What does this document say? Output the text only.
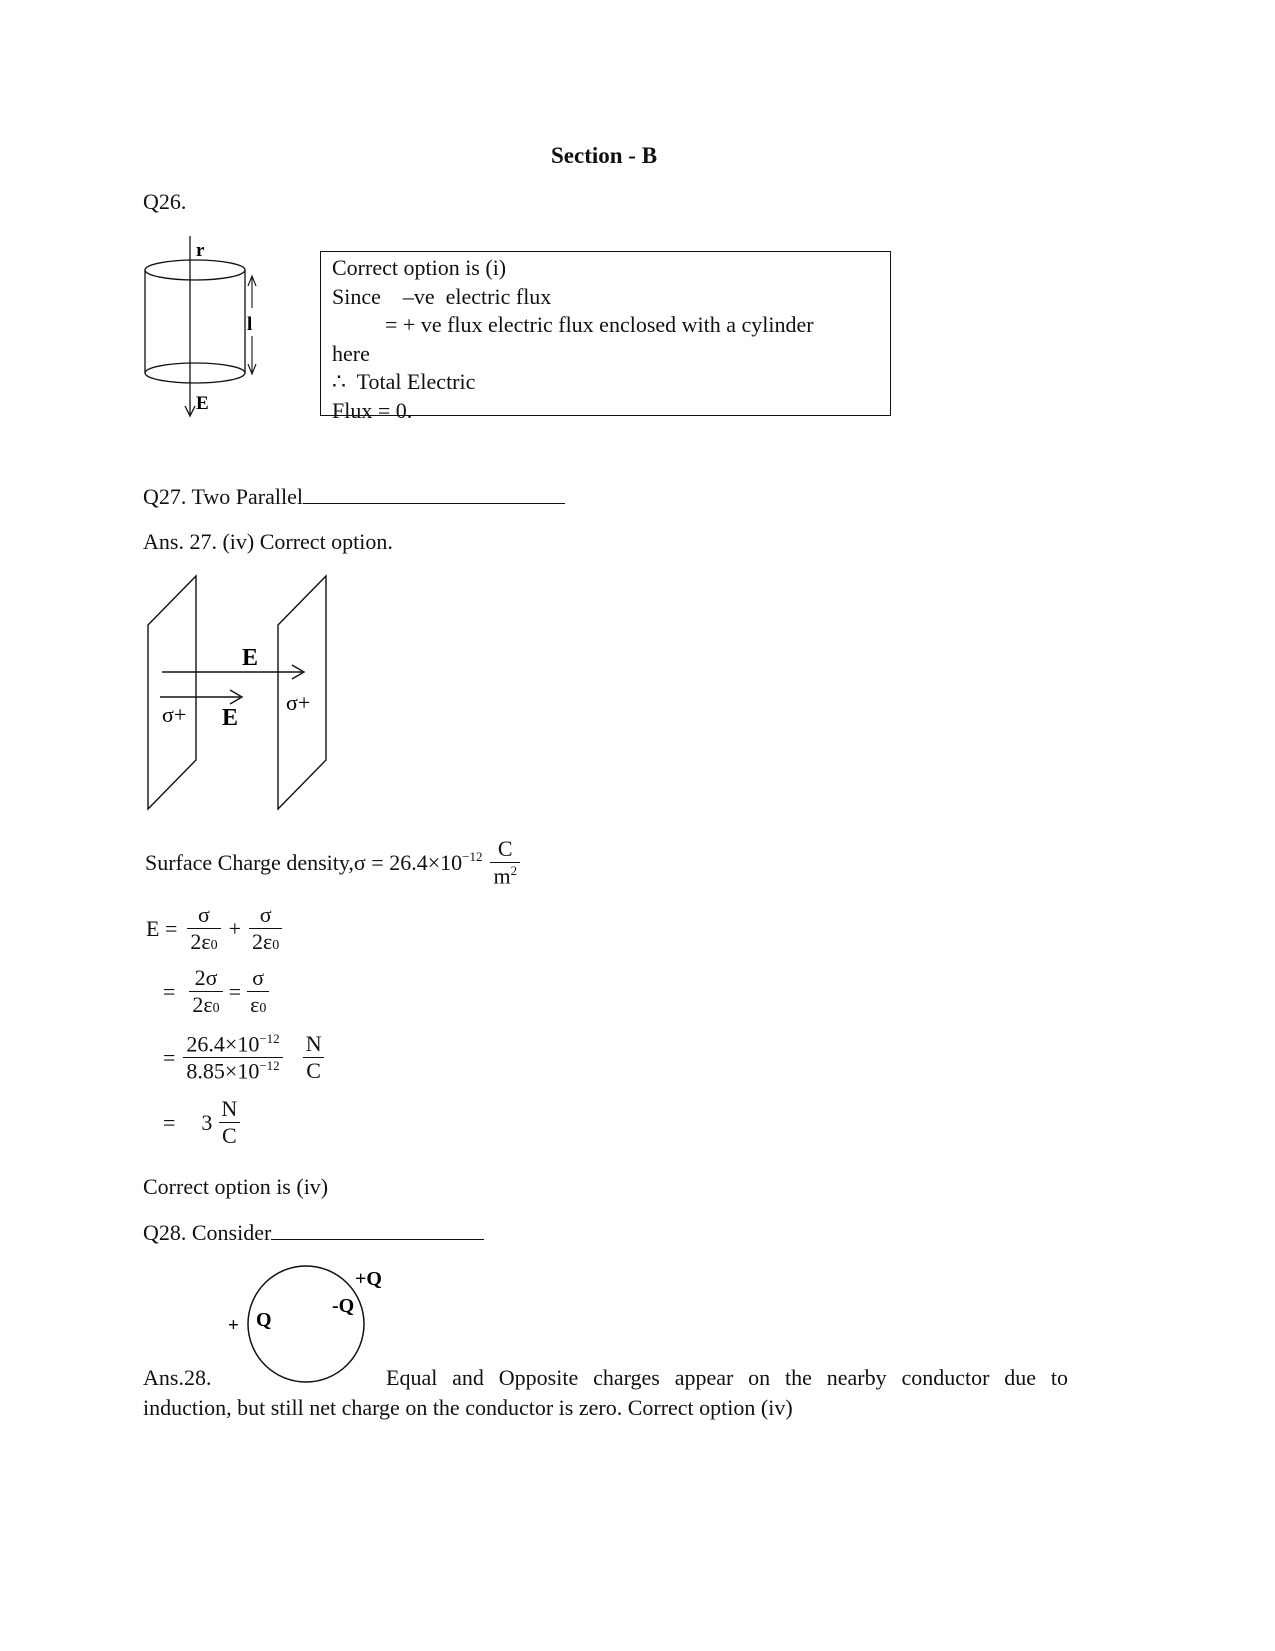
Section - B
Q26.
r
l
E
Correct option is (i)
Since    –ve  electric flux
= + ve flux electric flux enclosed with a cylinder
here
∴  Total Electric
Flux = 0.
Q27. Two Parallel
Ans. 27. (iv) Correct option.
E
E
σ+	σ+
Surface Charge density,σ = $26.4\times 10^{-12} \frac{C}{m^2}$
$E = \frac{\sigma}{2\varepsilon 0} + \frac{\sigma}{2\varepsilon 0}$
= $\frac{2\sigma}{2\varepsilon 0} = \frac{\sigma}{\varepsilon 0}$
= $\frac{26.4\times 10^{-12}}{8.85\times 10^{-12}} \frac{N}{C}$
= $3 \frac{N}{C}$
Correct option is (iv)
Q28. Consider
+ Q
-Q
+Q
Ans.28.	Equal and Opposite charges appear on the nearby conductor due to
induction, but still net charge on the conductor is zero. Correct option (iv)
